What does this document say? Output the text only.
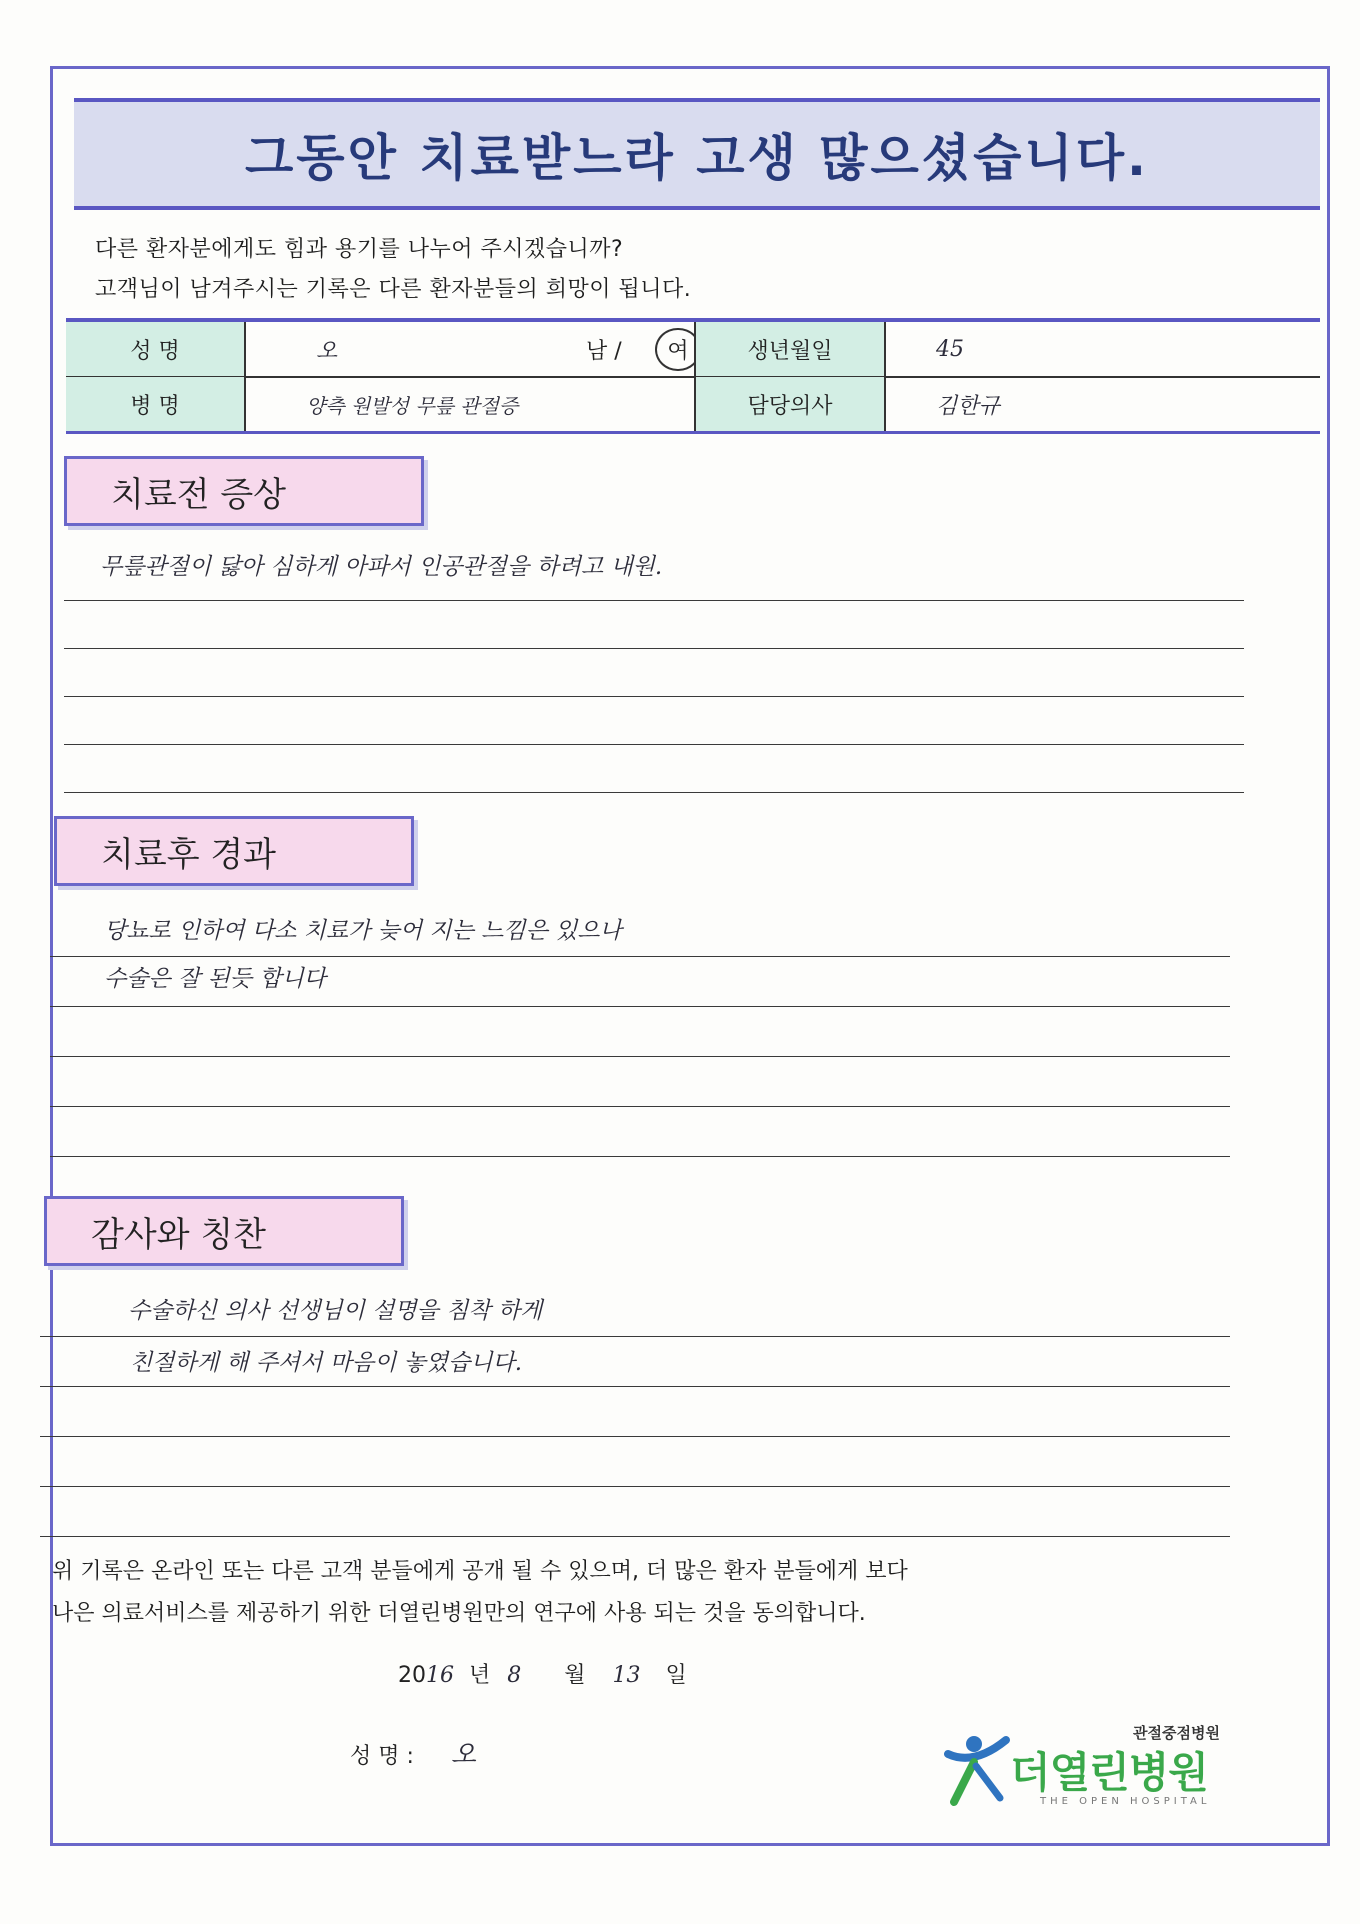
그동안 치료받느라 고생 많으셨습니다.
다른 환자분에게도 힘과 용기를 나누어 주시겠습니까?
고객님이 남겨주시는 기록은 다른 환자분들의 희망이 됩니다.
성 명	오	남 /	여	생년월일	45
병 명	양측 원발성 무릎 관절증	담당의사	김한규
치료전 증상
무릎관절이 닳아 심하게 아파서 인공관절을 하려고 내원.
치료후 경과
당뇨로 인하여 다소 치료가 늦어 지는 느낌은 있으나
수술은 잘 된듯 합니다
감사와 칭찬
수술하신 의사 선생님이 설명을 침착 하게
친절하게 해 주셔서 마음이 놓였습니다.
위 기록은 온라인 또는 다른 고객 분들에게 공개 될 수 있으며, 더 많은 환자 분들에게 보다
나은 의료서비스를 제공하기 위한 더열린병원만의 연구에 사용 되는 것을 동의합니다.
2016 년 8 월 13 일
성 명 : 오
관절중점병원
더열린병원
THE OPEN HOSPITAL
